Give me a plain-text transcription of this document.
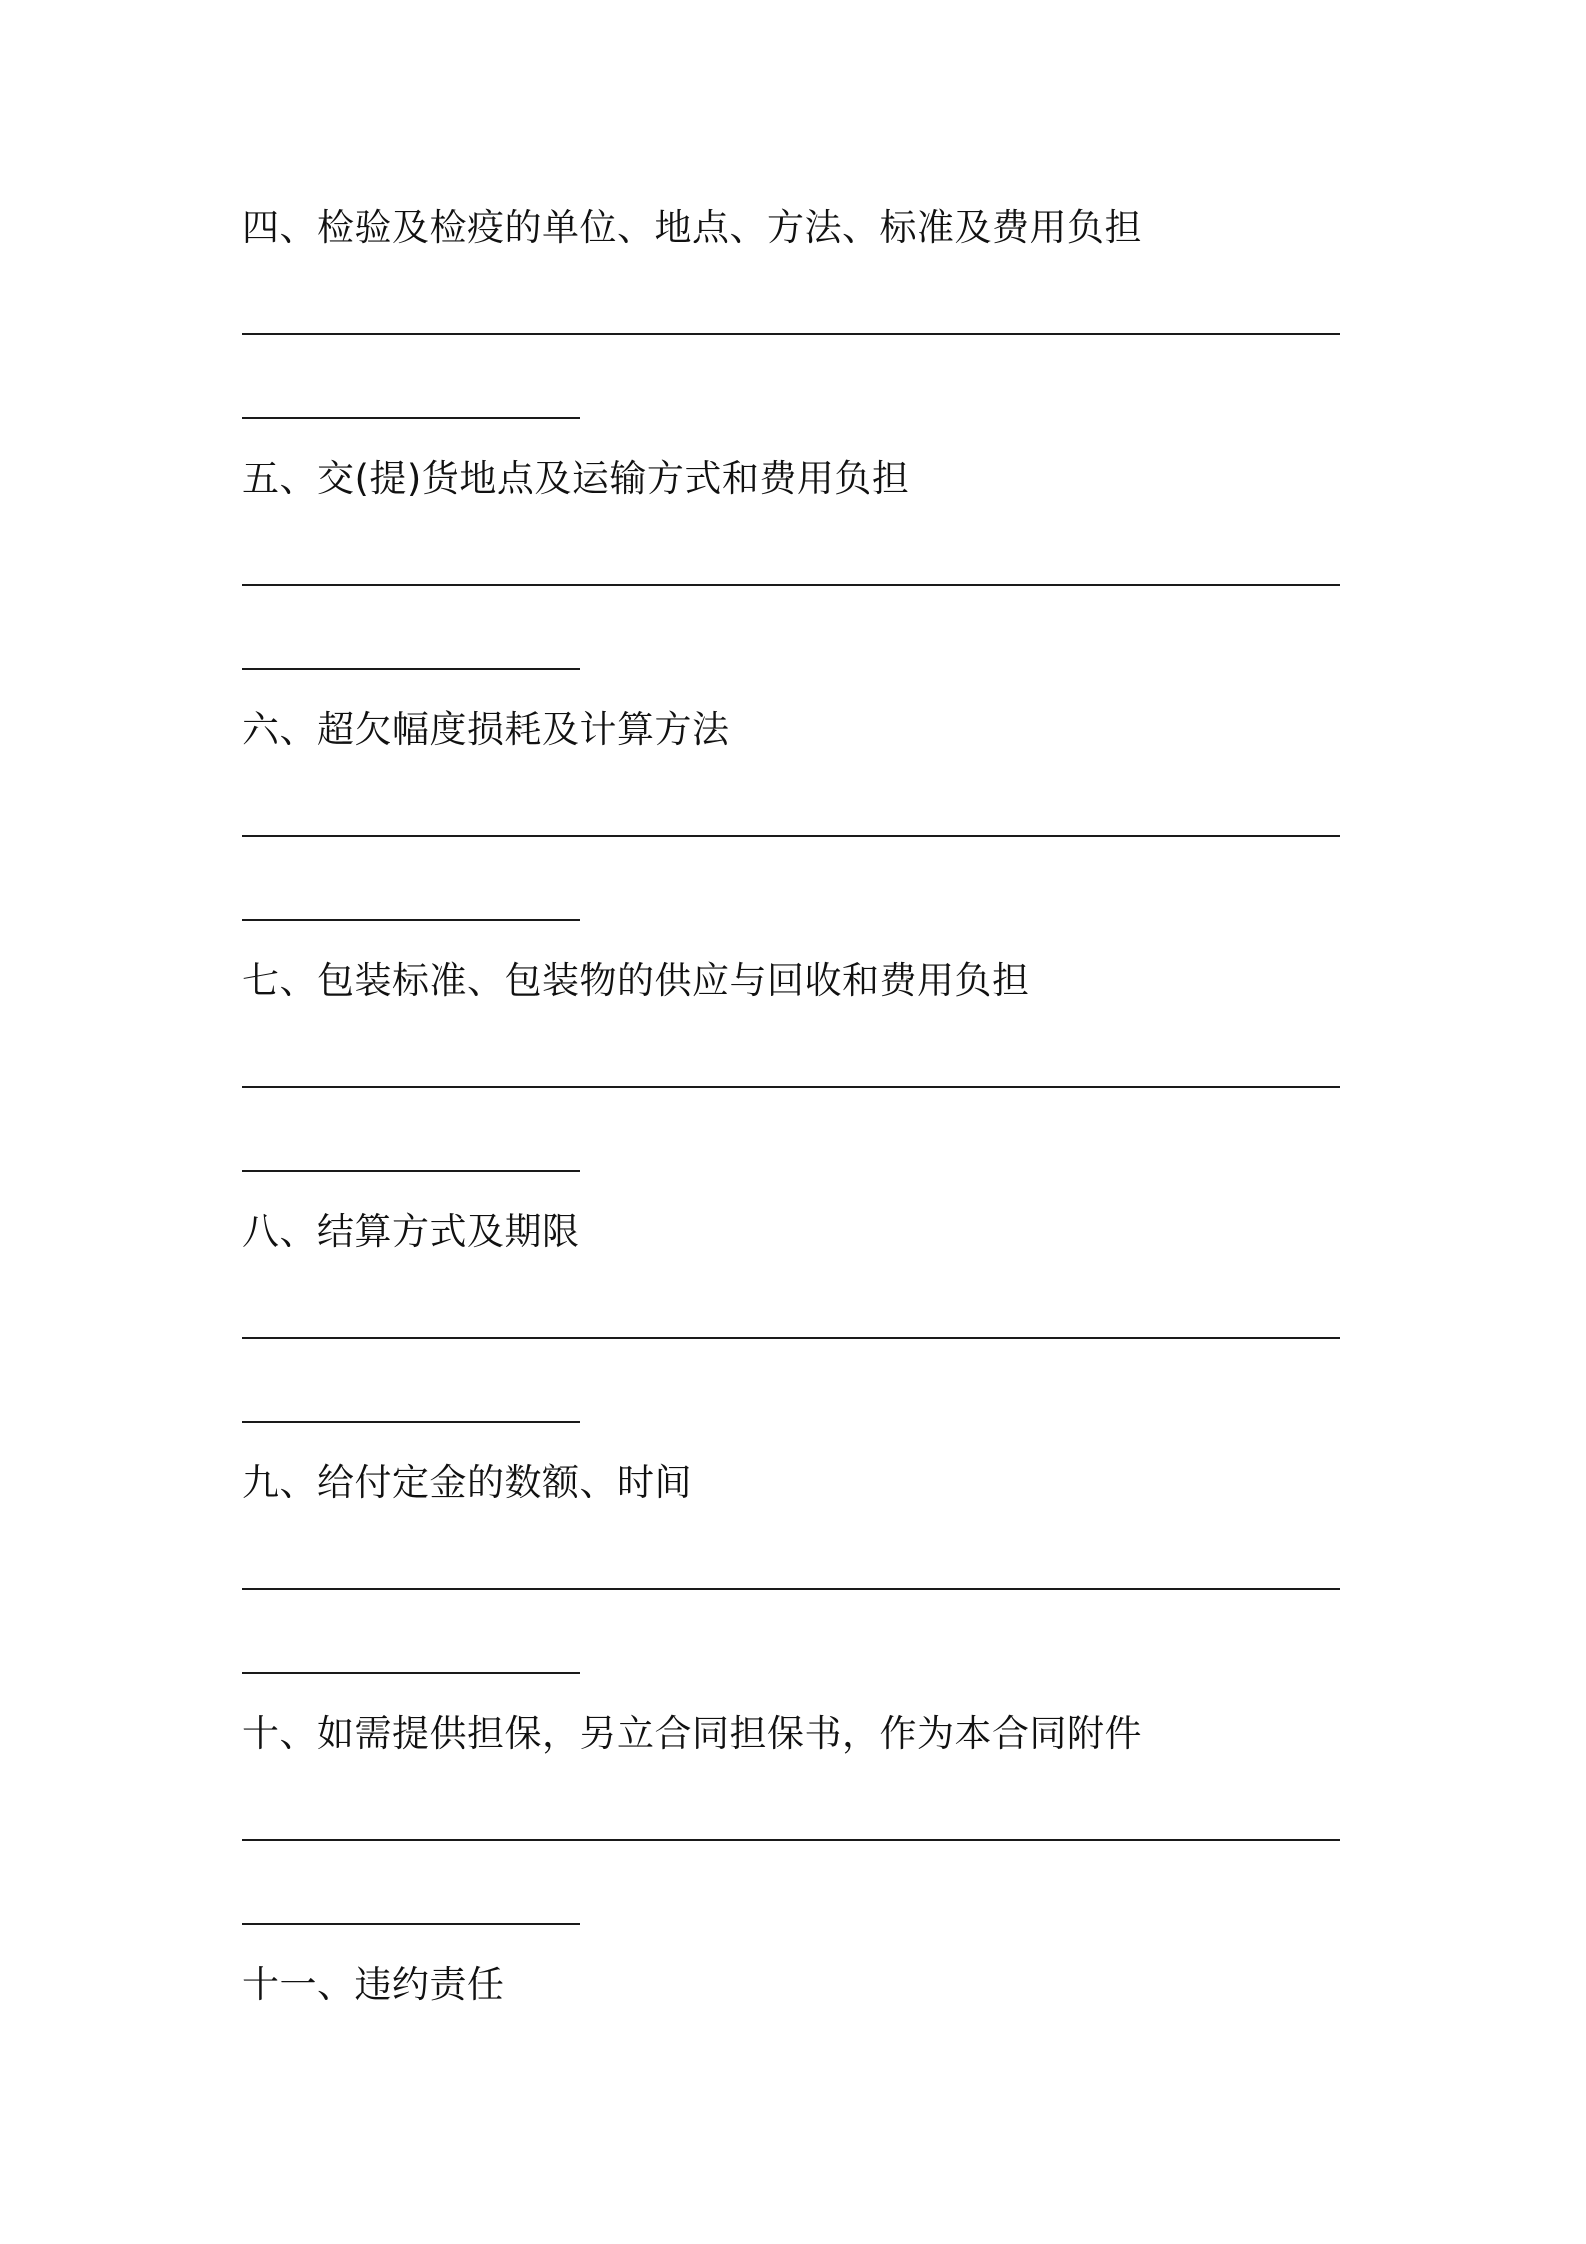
四、检验及检疫的单位、地点、方法、标准及费用负担
五、交(提)货地点及运输方式和费用负担
六、超欠幅度损耗及计算方法
七、包装标准、包装物的供应与回收和费用负担
八、结算方式及期限
九、给付定金的数额、时间
十、如需提供担保，另立合同担保书，作为本合同附件
十一、违约责任
